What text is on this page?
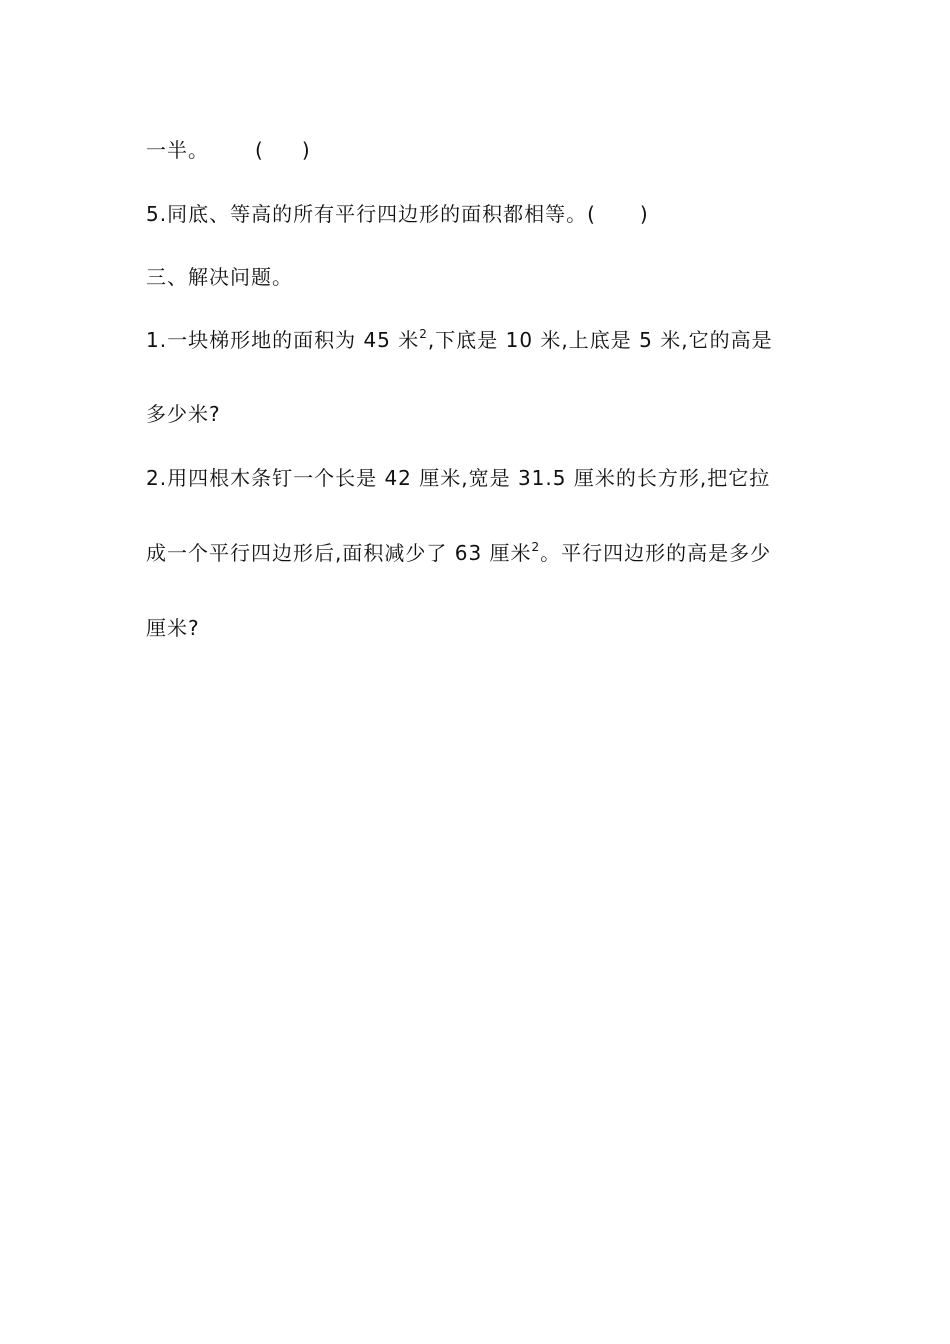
一半。 ( )
5.同底、等高的所有平行四边形的面积都相等。( )
三、解决问题。
1.一块梯形地的面积为 45 米$^2$,下底是 10 米,上底是 5 米,它的高是
多少米?
2.用四根木条钉一个长是 42 厘米,宽是 31.5 厘米的长方形,把它拉
成一个平行四边形后,面积减少了 63 厘米$^2$。平行四边形的高是多少
厘米?
